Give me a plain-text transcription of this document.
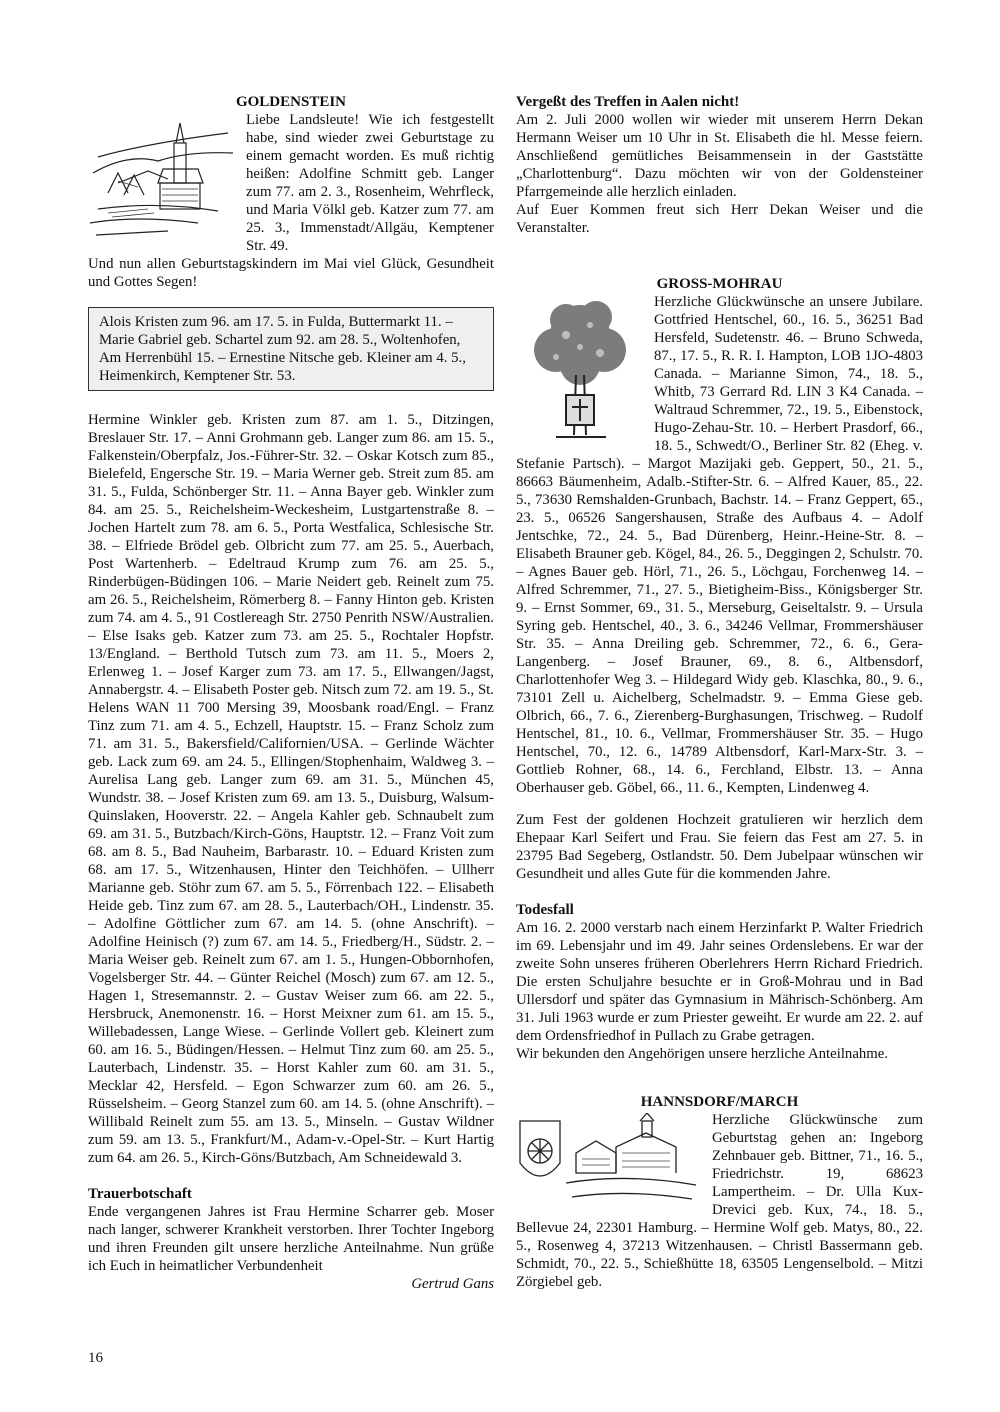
GOLDENSTEIN

Liebe Landsleute! Wie ich festgestellt habe, sind wieder zwei Geburtstage zu einem gemacht worden. Es muß richtig heißen: Adolfine Schmitt geb. Langer zum 77. am 2. 3., Rosenheim, Wehrfleck, und Maria Völkl geb. Katzer zum 77. am 25. 3., Immenstadt/Allgäu, Kemptener Str. 49.

Und nun allen Geburtstagskindern im Mai viel Glück, Gesundheit und Gottes Segen!

Alois Kristen zum 96. am 17. 5. in Fulda, Buttermarkt 11. – Marie Gabriel geb. Schartel zum 92. am 28. 5., Woltenhofen, Am Herrenbühl 15. – Ernestine Nitsche geb. Kleiner am 4. 5., Heimenkirch, Kemptener Str. 53.

Hermine Winkler geb. Kristen zum 87. am 1. 5., Ditzingen, Breslauer Str. 17. – Anni Grohmann geb. Langer zum 86. am 15. 5., Falkenstein/Oberpfalz, Jos.-Führer-Str. 32. – Oskar Kotsch zum 85., Bielefeld, Engersche Str. 19. – Maria Werner geb. Streit zum 85. am 31. 5., Fulda, Schönberger Str. 11. – Anna Bayer geb. Winkler zum 84. am 25. 5., Reichelsheim-Weckesheim, Lustgartenstraße 8. – Jochen Hartelt zum 78. am 6. 5., Porta Westfalica, Schlesische Str. 38. – Elfriede Brödel geb. Olbricht zum 77. am 25. 5., Auerbach, Post Wartenherb. – Edeltraud Krump zum 76. am 25. 5., Rinderbügen-Büdingen 106. – Marie Neidert geb. Reinelt zum 75. am 26. 5., Reichelsheim, Römerberg 8. – Fanny Hinton geb. Kristen zum 74. am 4. 5., 91 Costlereagh Str. 2750 Penrith NSW/Australien. – Else Isaks geb. Katzer zum 73. am 25. 5., Rochtaler Hopfstr. 13/England. – Berthold Tutsch zum 73. am 11. 5., Moers 2, Erlenweg 1. – Josef Karger zum 73. am 17. 5., Ellwangen/Jagst, Annabergstr. 4. – Elisabeth Poster geb. Nitsch zum 72. am 19. 5., St. Helens WAN 11 700 Mersing 39, Moosbank road/Engl. – Franz Tinz zum 71. am 4. 5., Echzell, Hauptstr. 15. – Franz Scholz zum 71. am 31. 5., Bakersfield/Californien/USA. – Gerlinde Wächter geb. Lack zum 69. am 24. 5., Ellingen/Stophenhaim, Waldweg 3. – Aurelisa Lang geb. Langer zum 69. am 31. 5., München 45, Wundstr. 38. – Josef Kristen zum 69. am 13. 5., Duisburg, Walsum-Quinslaken, Hooverstr. 22. – Angela Kahler geb. Schnaubelt zum 69. am 31. 5., Butzbach/Kirch-Göns, Hauptstr. 12. – Franz Voit zum 68. am 8. 5., Bad Nauheim, Barbarastr. 10. – Eduard Kristen zum 68. am 17. 5., Witzenhausen, Hinter den Teichhöfen. – Ullherr Marianne geb. Stöhr zum 67. am 5. 5., Förrenbach 122. – Elisabeth Heide geb. Tinz zum 67. am 28. 5., Lauterbach/OH., Lindenstr. 35. – Adolfine Göttlicher zum 67. am 14. 5. (ohne Anschrift). – Adolfine Heinisch (?) zum 67. am 14. 5., Friedberg/H., Südstr. 2. – Maria Weiser geb. Reinelt zum 67. am 1. 5., Hungen-Obbornhofen, Vogelsberger Str. 44. – Günter Reichel (Mosch) zum 67. am 12. 5., Hagen 1, Stresemannstr. 2. – Gustav Weiser zum 66. am 22. 5., Hersbruck, Anemonenstr. 16. – Horst Meixner zum 61. am 15. 5., Willebadessen, Lange Wiese. – Gerlinde Vollert geb. Kleinert zum 60. am 16. 5., Büdingen/Hessen. – Helmut Tinz zum 60. am 25. 5., Lauterbach, Lindenstr. 35. – Horst Kahler zum 60. am 31. 5., Mecklar 42, Hersfeld. – Egon Schwarzer zum 60. am 26. 5., Rüsselsheim. – Georg Stanzel zum 60. am 14. 5. (ohne Anschrift). – Willibald Reinelt zum 55. am 13. 5., Minseln. – Gustav Wildner zum 59. am 13. 5., Frankfurt/M., Adam-v.-Opel-Str. – Kurt Hartig zum 64. am 26. 5., Kirch-Göns/Butzbach, Am Schneidewald 3.

Trauerbotschaft

Ende vergangenen Jahres ist Frau Hermine Scharrer geb. Moser nach langer, schwerer Krankheit verstorben. Ihrer Tochter Ingeborg und ihren Freunden gilt unsere herzliche Anteilnahme. Nun grüße ich Euch in heimatlicher Verbundenheit

Gertrud Gans

Vergeßt des Treffen in Aalen nicht!

Am 2. Juli 2000 wollen wir wieder mit unserem Herrn Dekan Hermann Weiser um 10 Uhr in St. Elisabeth die hl. Messe feiern. Anschließend gemütliches Beisammensein in der Gaststätte „Charlottenburg“. Dazu möchten wir von der Goldensteiner Pfarrgemeinde alle herzlich einladen.

Auf Euer Kommen freut sich Herr Dekan Weiser und die Veranstalter.

GROSS-MOHRAU

Herzliche Glückwünsche an unsere Jubilare. Gottfried Hentschel, 60., 16. 5., 36251 Bad Hersfeld, Sudetenstr. 46. – Bruno Schweda, 87., 17. 5., R. R. I. Hampton, LOB 1JO-4803 Canada. – Marianne Simon, 74., 18. 5., Whitb, 73 Gerrard Rd. LIN 3 K4 Canada. – Waltraud Schremmer, 72., 19. 5., Eibenstock, Hugo-Zehau-Str. 10. – Herbert Prasdorf, 66., 18. 5., Schwedt/O., Berliner Str. 82 (Eheg. v. Stefanie Partsch). – Margot Mazijaki geb. Geppert, 50., 21. 5., 86663 Bäumenheim, Adalb.-Stifter-Str. 6. – Alfred Kauer, 85., 22. 5., 73630 Remshalden-Grunbach, Bachstr. 14. – Franz Geppert, 65., 23. 5., 06526 Sangershausen, Straße des Aufbaus 4. – Adolf Jentschke, 72., 24. 5., Bad Dürenberg, Heinr.-Heine-Str. 8. – Elisabeth Brauner geb. Kögel, 84., 26. 5., Deggingen 2, Schulstr. 70. – Agnes Bauer geb. Hörl, 71., 26. 5., Löchgau, Forchenweg 14. – Alfred Schremmer, 71., 27. 5., Bietigheim-Biss., Königsberger Str. 9. – Ernst Sommer, 69., 31. 5., Merseburg, Geiseltalstr. 9. – Ursula Syring geb. Hentschel, 40., 3. 6., 34246 Vellmar, Frommershäuser Str. 35. – Anna Dreiling geb. Schremmer, 72., 6. 6., Gera-Langenberg. – Josef Brauner, 69., 8. 6., Altbensdorf, Charlottenhofer Weg 3. – Hildegard Widy geb. Klaschka, 80., 9. 6., 73101 Zell u. Aichelberg, Schelmadstr. 9. – Emma Giese geb. Olbrich, 66., 7. 6., Zierenberg-Burghasungen, Trischweg. – Rudolf Hentschel, 81., 10. 6., Vellmar, Frommershäuser Str. 35. – Hugo Hentschel, 70., 12. 6., 14789 Altbensdorf, Karl-Marx-Str. 3. – Gottlieb Rohner, 68., 14. 6., Ferchland, Elbstr. 13. – Anna Oberhauser geb. Göbel, 66., 11. 6., Kempten, Lindenweg 4.

Zum Fest der goldenen Hochzeit gratulieren wir herzlich dem Ehepaar Karl Seifert und Frau. Sie feiern das Fest am 27. 5. in 23795 Bad Segeberg, Ostlandstr. 50. Dem Jubelpaar wünschen wir Gesundheit und alles Gute für die kommenden Jahre.

Todesfall

Am 16. 2. 2000 verstarb nach einem Herzinfarkt P. Walter Friedrich im 69. Lebensjahr und im 49. Jahr seines Ordenslebens. Er war der zweite Sohn unseres früheren Oberlehrers Herrn Richard Friedrich. Die ersten Schuljahre besuchte er in Groß-Mohrau und in Bad Ullersdorf und später das Gymnasium in Mährisch-Schönberg. Am 31. Juli 1963 wurde er zum Priester geweiht. Er wurde am 22. 2. auf dem Ordensfriedhof in Pullach zu Grabe getragen.

Wir bekunden den Angehörigen unsere herzliche Anteilnahme.

HANNSDORF/MARCH

Herzliche Glückwünsche zum Geburtstag gehen an: Ingeborg Zehnbauer geb. Bittner, 71., 16. 5., Friedrichstr. 19, 68623 Lampertheim. – Dr. Ulla Kux-Drevici geb. Kux, 74., 18. 5., Bellevue 24, 22301 Hamburg. – Hermine Wolf geb. Matys, 80., 22. 5., Rosenweg 4, 37213 Witzenhausen. – Christl Bassermann geb. Schmidt, 70., 22. 5., Schießhütte 18, 63505 Lengenselbold. – Mitzi Zörgiebel geb.

16
